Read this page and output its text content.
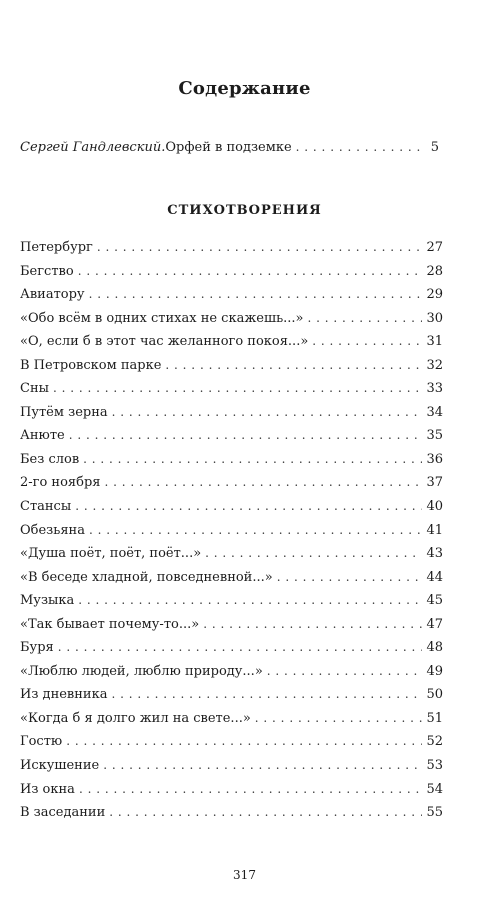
Содержание
Сергей Гандлевский. Орфей в подземке . . .	5
СТИХОТВОРЕНИЯ
Петербург . . .	27
Бегство . . .	28
Авиатору . . .	29
«Обо всём в одних стихах не скажешь...» . . .	30
«О, если б в этот час желанного покоя...» . . .	31
В Петровском парке . . .	32
Сны . . .	33
Путём зерна . . .	34
Анюте . . .	35
Без слов . . .	36
2-го ноября . . .	37
Стансы . . .	40
Обезьяна . . .	41
«Душа поёт, поёт, поёт...» . . .	43
«В беседе хладной, повседневной...» . . .	44
Музыка . . .	45
«Так бывает почему-то...» . . .	47
Буря . . .	48
«Люблю людей, люблю природу...» . . .	49
Из дневника . . .	50
«Когда б я долго жил на свете...» . . .	51
Гостю . . .	52
Искушение . . .	53
Из окна . . .	54
В заседании . . .	55
317
